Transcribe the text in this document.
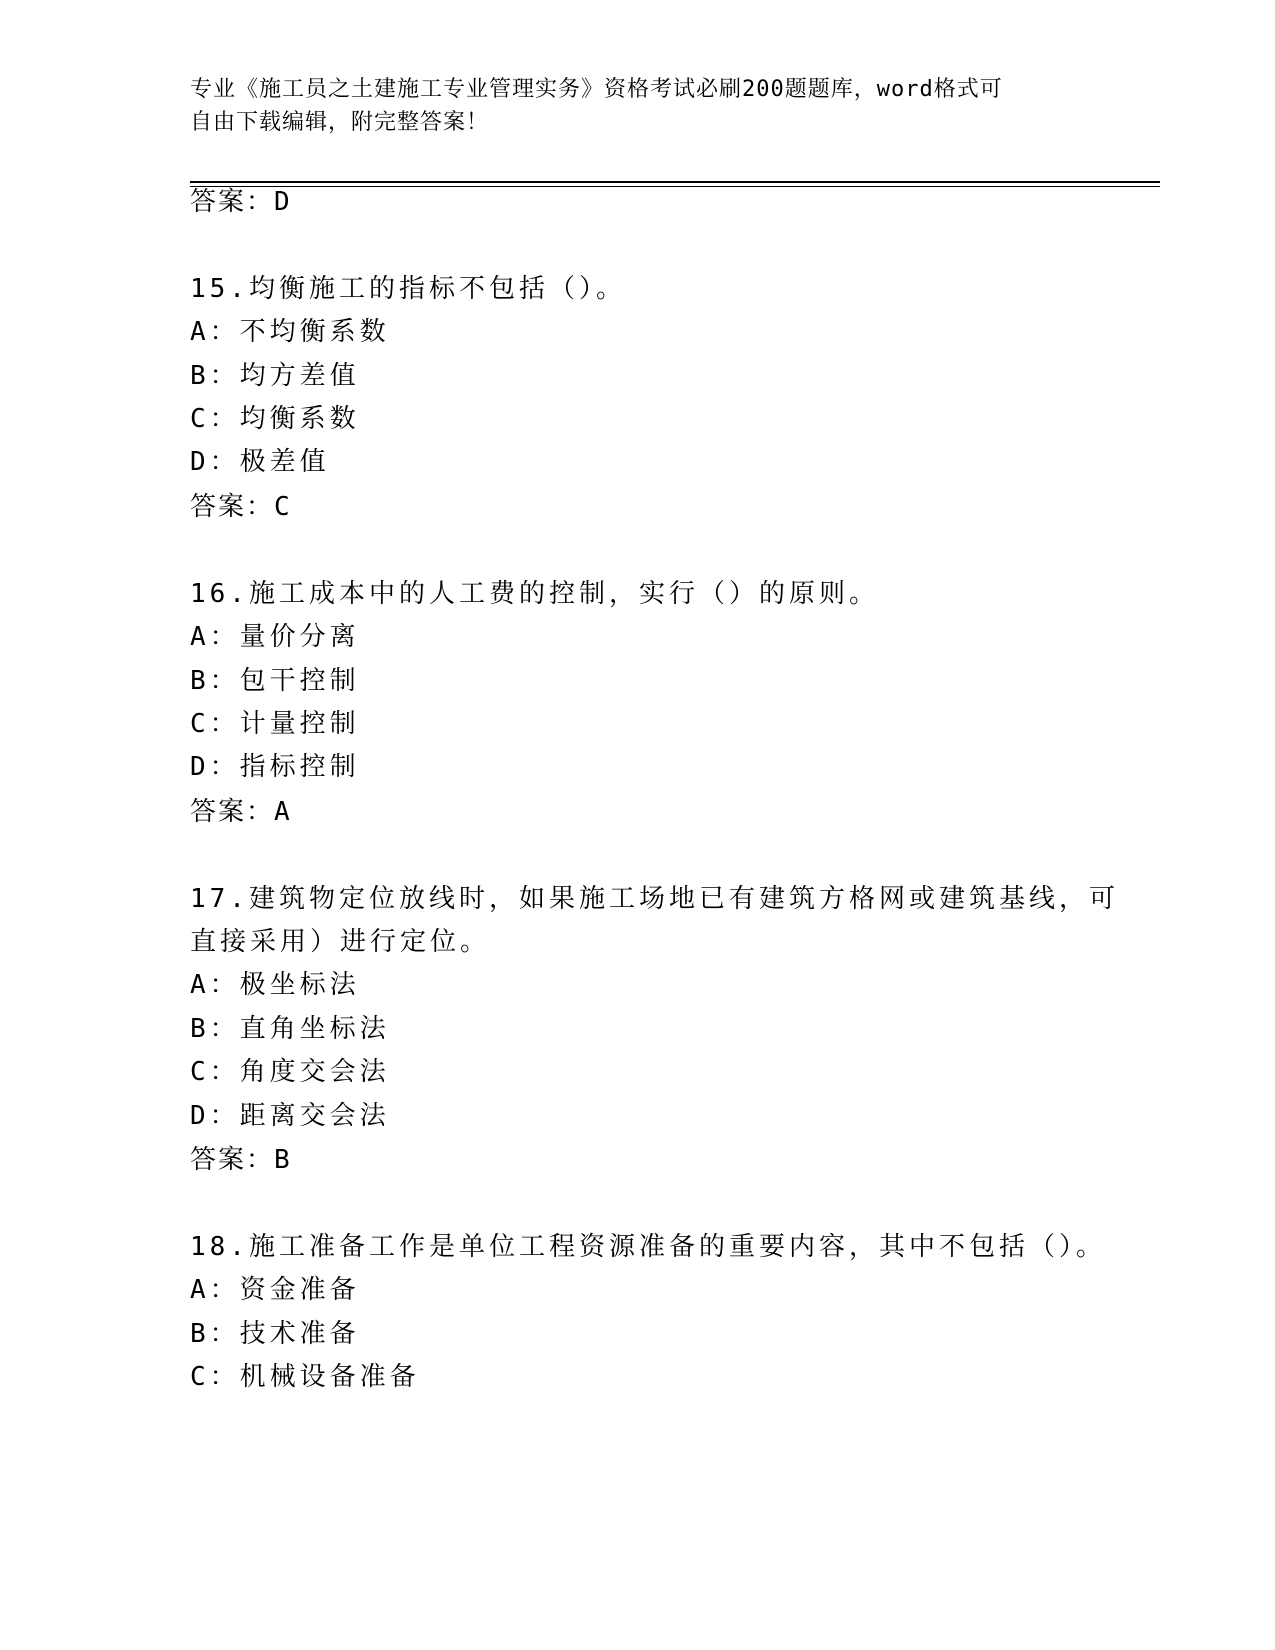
专业《施工员之土建施工专业管理实务》资格考试必刷200题题库，word格式可
自由下载编辑，附完整答案！
答案：D
15.均衡施工的指标不包括（）。
A：不均衡系数
B：均方差值
C：均衡系数
D：极差值
答案：C
16.施工成本中的人工费的控制，实行（）的原则。
A：量价分离
B：包干控制
C：计量控制
D：指标控制
答案：A
17.建筑物定位放线时，如果施工场地已有建筑方格网或建筑基线，可
直接采用）进行定位。
A：极坐标法
B：直角坐标法
C：角度交会法
D：距离交会法
答案：B
18.施工准备工作是单位工程资源准备的重要内容，其中不包括（）。
A：资金准备
B：技术准备
C：机械设备准备
